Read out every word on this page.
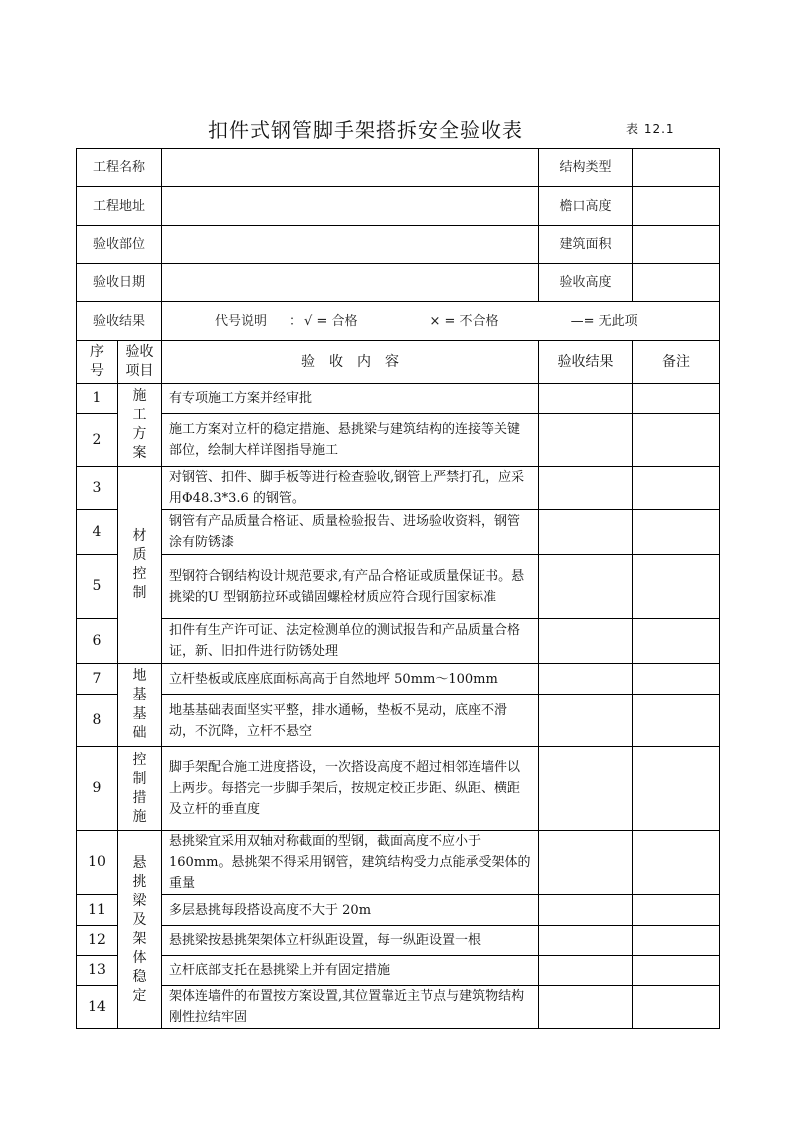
扣件式钢管脚手架搭拆安全验收表	表 12.1
工程名称			结构类型	
工程地址			檐口高度	
验收部位			建筑面积	
验收日期			验收高度	
验收结果		代号说明 ： √ = 合格 × = 不合格 —= 无此项		

序号	验收项目	验　收　内　容	验收结果	备注
1	施工方案	有专项施工方案并经审批		
2		施工方案对立杆的稳定措施、悬挑梁与建筑结构的连接等关键部位，绘制大样详图指导施工		
3	材质控制	对钢管、扣件、脚手板等进行检查验收,钢管上严禁打孔，应采用Φ48.3*3.6 的钢管。		
4		钢管有产品质量合格证、质量检验报告、进场验收资料，钢管涂有防锈漆		
5		型钢符合钢结构设计规范要求,有产品合格证或质量保证书。悬挑梁的U 型钢筋拉环或锚固螺栓材质应符合现行国家标准		
6		扣件有生产许可证、法定检测单位的测试报告和产品质量合格证，新、旧扣件进行防锈处理		
7	地基基础	立杆垫板或底座底面标高高于自然地坪 50mm～100mm		
8		地基基础表面坚实平整，排水通畅，垫板不晃动，底座不滑动，不沉降，立杆不悬空		
9	控制措施	脚手架配合施工进度搭设，一次搭设高度不超过相邻连墙件以上两步。每搭完一步脚手架后，按规定校正步距、纵距、横距及立杆的垂直度		
10	悬挑梁及架体稳定	悬挑梁宜采用双轴对称截面的型钢，截面高度不应小于160mm。悬挑架不得采用钢管，建筑结构受力点能承受架体的重量		
11		多层悬挑每段搭设高度不大于 20m		
12		悬挑梁按悬挑架架体立杆纵距设置，每一纵距设置一根		
13		立杆底部支托在悬挑梁上并有固定措施		
14		架体连墙件的布置按方案设置,其位置靠近主节点与建筑物结构刚性拉结牢固		
